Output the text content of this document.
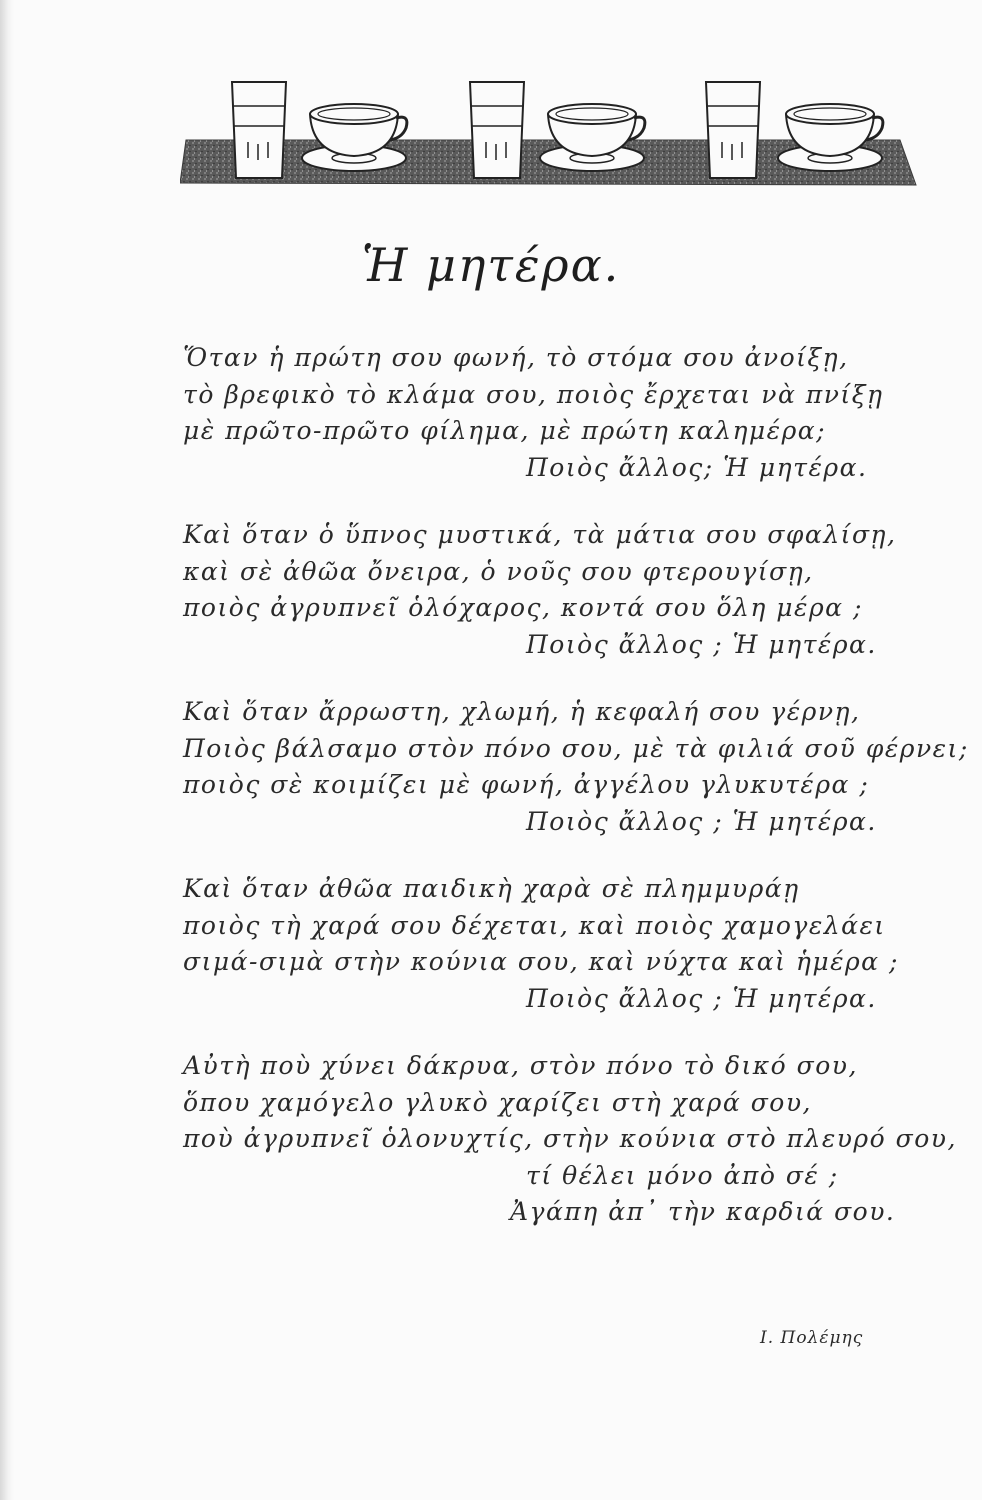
Ἡ μητέρα.
Ὅταν ἡ πρώτη σου φωνή, τὸ στόμα σου ἀνοίξῃ,
τὸ βρεφικὸ τὸ κλάμα σου, ποιὸς ἔρχεται νὰ πνίξῃ
μὲ πρῶτο-πρῶτο φίλημα, μὲ πρώτη καλημέρα;
Ποιὸς ἄλλος; Ἡ μητέρα.
Καὶ ὅταν ὁ ὕπνος μυστικά, τὰ μάτια σου σφαλίσῃ,
καὶ σὲ ἀθῶα ὄνειρα, ὁ νοῦς σου φτερουγίσῃ,
ποιὸς ἀγρυπνεῖ ὁλόχαρος, κοντά σου ὅλη μέρα ;
Ποιὸς ἄλλος ; Ἡ μητέρα.
Καὶ ὅταν ἄρρωστη, χλωμή, ἡ κεφαλή σου γέρνῃ,
Ποιὸς βάλσαμο στὸν πόνο σου, μὲ τὰ φιλιά σοῦ φέρνει;
ποιὸς σὲ κοιμίζει μὲ φωνή, ἀγγέλου γλυκυτέρα ;
Ποιὸς ἄλλος ; Ἡ μητέρα.
Καὶ ὅταν ἀθῶα παιδικὴ χαρὰ σὲ πλημμυράῃ
ποιὸς τὴ χαρά σου δέχεται, καὶ ποιὸς χαμογελάει
σιμά-σιμὰ στὴν κούνια σου, καὶ νύχτα καὶ ἡμέρα ;
Ποιὸς ἄλλος ; Ἡ μητέρα.
Αὐτὴ ποὺ χύνει δάκρυα, στὸν πόνο τὸ δικό σου,
ὅπου χαμόγελο γλυκὸ χαρίζει στὴ χαρά σου,
ποὺ ἀγρυπνεῖ ὁλονυχτίς, στὴν κούνια στὸ πλευρό σου,
τί θέλει μόνο ἀπὸ σέ ;
Ἀγάπη ἀπ᾽ τὴν καρδιά σου.
Ι. Πολέμης
